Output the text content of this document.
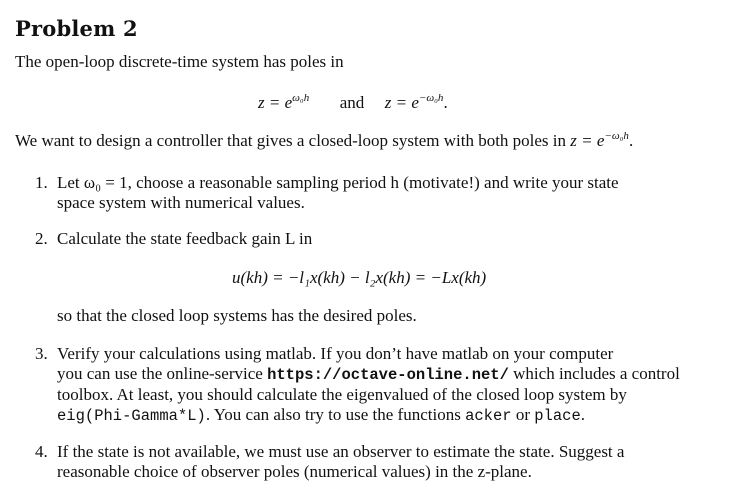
Problem 2
The open-loop discrete-time system has poles in
$z = e^{\omega_0h}$ and $z = e^{-\omega_0h}$.
We want to design a controller that gives a closed-loop system with both poles in $z = e^{-\omega_0h}$.
1. Let ω₀ = 1, choose a reasonable sampling period h (motivate!) and write your state
space system with numerical values.
2. Calculate the state feedback gain L in
u(kh) = −l₁x(kh) − l₂x(kh) = −Lx(kh)
so that the closed loop systems has the desired poles.
3. Verify your calculations using matlab. If you don’t have matlab on your computer
you can use the online-service https://octave-online.net/ which includes a control
toolbox. At least, you should calculate the eigenvalued of the closed loop system by
eig(Phi-Gamma*L). You can also try to use the functions acker or place.
4. If the state is not available, we must use an observer to estimate the state. Suggest a
reasonable choice of observer poles (numerical values) in the z-plane.
